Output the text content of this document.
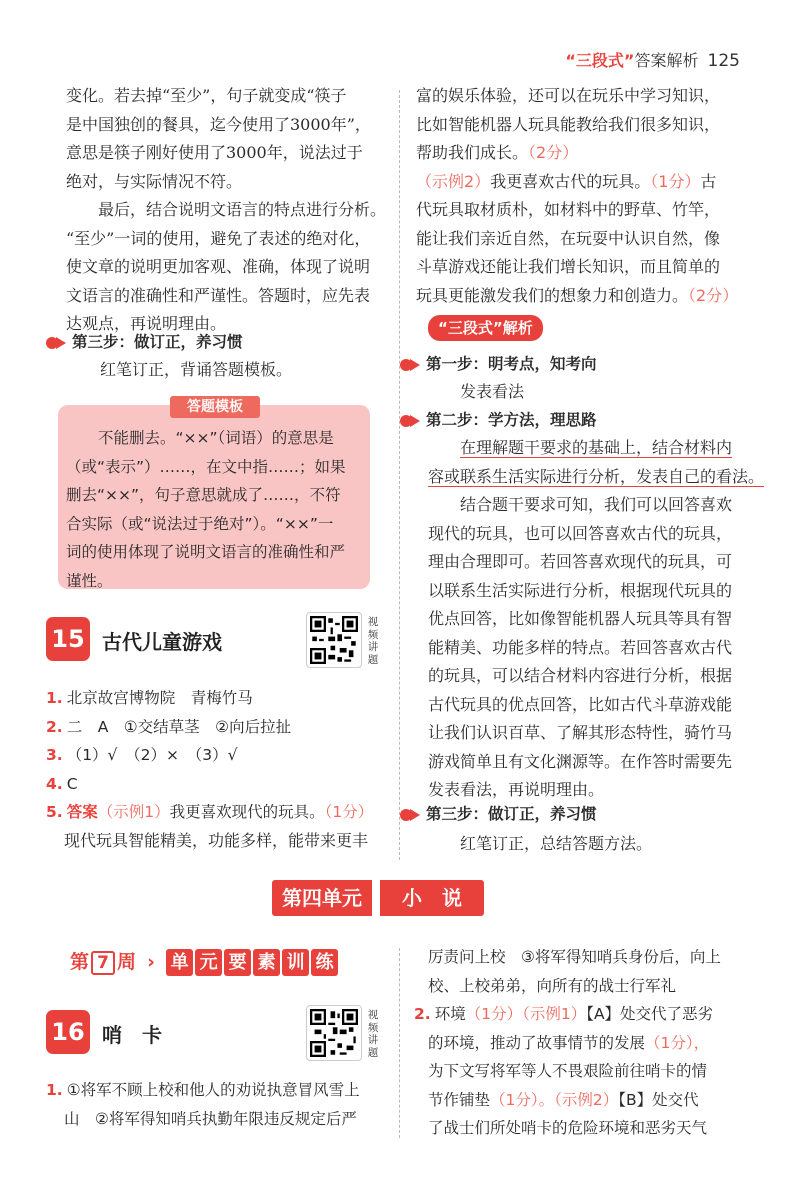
“三段式”答案解析 125

变化。若去掉“至少”，句子就变成“筷子

是中国独创的餐具，迄今使用了3000年”，

意思是筷子刚好使用了3000年，说法过于

绝对，与实际情况不符。

最后，结合说明文语言的特点进行分析。

“至少”一词的使用，避免了表述的绝对化，

使文章的说明更加客观、准确，体现了说明

文语言的准确性和严谨性。答题时，应先表

达观点，再说明理由。

第三步：做订正，养习惯

红笔订正，背诵答题模板。

答题模板

不能删去。“××”（词语）的意思是

（或“表示”）……，在文中指……；如果

删去“××”，句子意思就成了……，不符

合实际（或“说法过于绝对”）。“××”一

词的使用体现了说明文语言的准确性和严

谨性。

15 古代儿童游戏
视频讲题

1. 北京故宫博物院　青梅竹马

2. 二　A　①交结草茎　②向后拉扯

3. （1）√　（2）×　（3）√

4. C

5. 答案（示例1）我更喜欢现代的玩具。（1分）

现代玩具智能精美，功能多样，能带来更丰

富的娱乐体验，还可以在玩乐中学习知识，

比如智能机器人玩具能教给我们很多知识，

帮助我们成长。（2分）

（示例2）我更喜欢古代的玩具。（1分）古

代玩具取材质朴，如材料中的野草、竹竿，

能让我们亲近自然，在玩耍中认识自然，像

斗草游戏还能让我们增长知识，而且简单的

玩具更能激发我们的想象力和创造力。（2分）

“三段式”解析
第一步：明考点，知考向

发表看法

第二步：学方法，理思路

在理解题干要求的基础上，结合材料内

容或联系生活实际进行分析，发表自己的看法。

结合题干要求可知，我们可以回答喜欢

现代的玩具，也可以回答喜欢古代的玩具，

理由合理即可。若回答喜欢现代的玩具，可

以联系生活实际进行分析，根据现代玩具的

优点回答，比如像智能机器人玩具等具有智

能精美、功能多样的特点。若回答喜欢古代

的玩具，可以结合材料内容进行分析，根据

古代玩具的优点回答，比如古代斗草游戏能

让我们认识百草、了解其形态特性，骑竹马

游戏简单且有文化渊源等。在作答时需要先

发表看法，再说明理由。

第三步：做订正，养习惯

红笔订正，总结答题方法。

第四单元 小　说
第 7 周 › 单 元 要 素 训 练
16 哨　卡
视频讲题

1. ①将军不顾上校和他人的劝说执意冒风雪上

山　②将军得知哨兵执勤年限违反规定后严

厉责问上校　③将军得知哨兵身份后，向上

校、上校弟弟，向所有的战士行军礼

2. 环境（1分）（示例1）【A】处交代了恶劣

的环境，推动了故事情节的发展（1分），

为下文写将军等人不畏艰险前往哨卡的情

节作铺垫（1分）。（示例2）【B】处交代

了战士们所处哨卡的危险环境和恶劣天气
